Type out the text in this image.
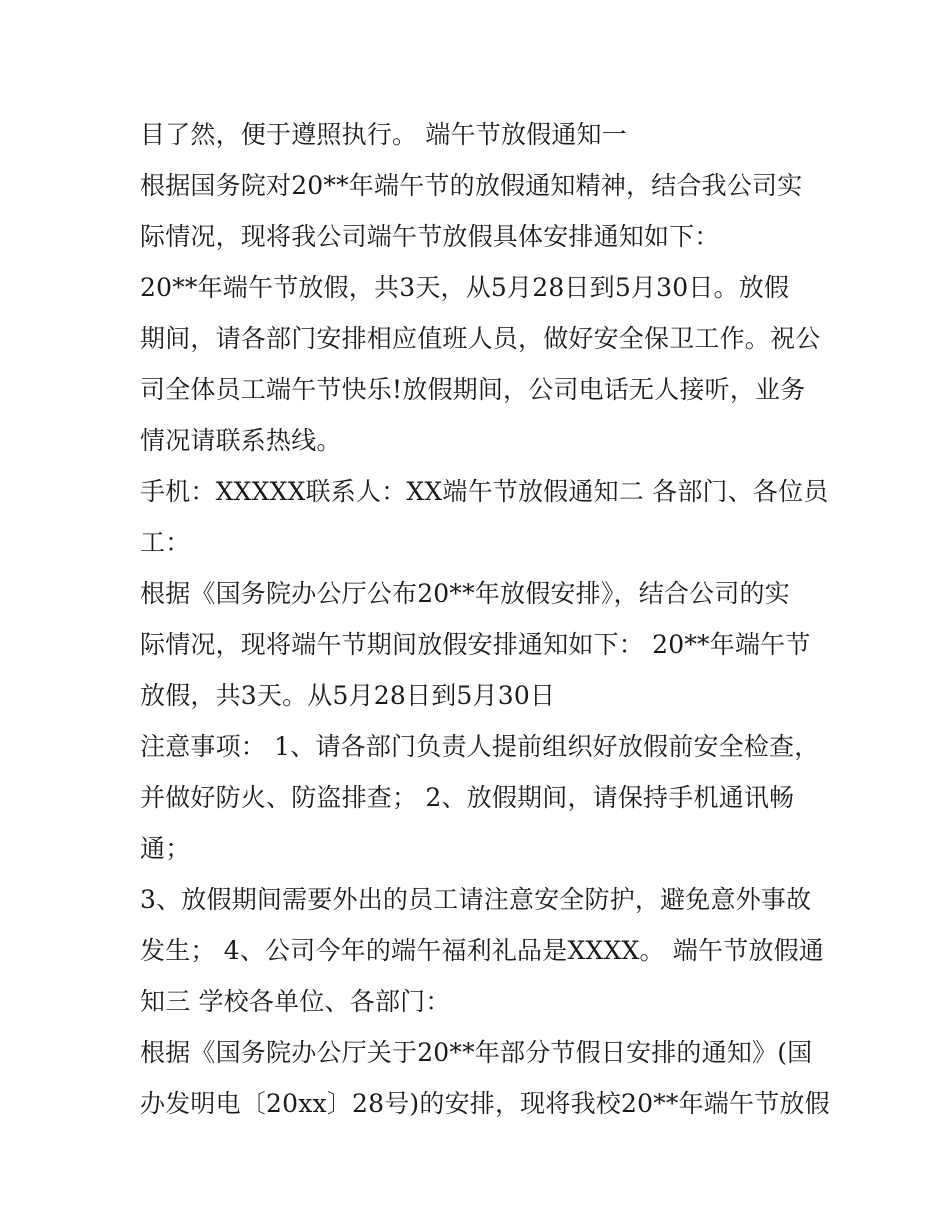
目了然，便于遵照执行。 端午节放假通知一
根据国务院对20**年端午节的放假通知精神，结合我公司实
际情况，现将我公司端午节放假具体安排通知如下：
20**年端午节放假，共3天，从5月28日到5月30日。放假
期间，请各部门安排相应值班人员，做好安全保卫工作。祝公
司全体员工端午节快乐!放假期间，公司电话无人接听，业务
情况请联系热线。
手机：XXXXX联系人：XX端午节放假通知二 各部门、各位员
工：
根据《国务院办公厅公布20**年放假安排》，结合公司的实
际情况，现将端午节期间放假安排通知如下： 20**年端午节
放假，共3天。从5月28日到5月30日
注意事项： 1、请各部门负责人提前组织好放假前安全检查，
并做好防火、防盗排查； 2、放假期间，请保持手机通讯畅
通；
3、放假期间需要外出的员工请注意安全防护，避免意外事故
发生； 4、公司今年的端午福利礼品是XXXX。 端午节放假通
知三 学校各单位、各部门：
根据《国务院办公厅关于20**年部分节假日安排的通知》(国
办发明电〔20xx〕28号)的安排，现将我校20**年端午节放假
